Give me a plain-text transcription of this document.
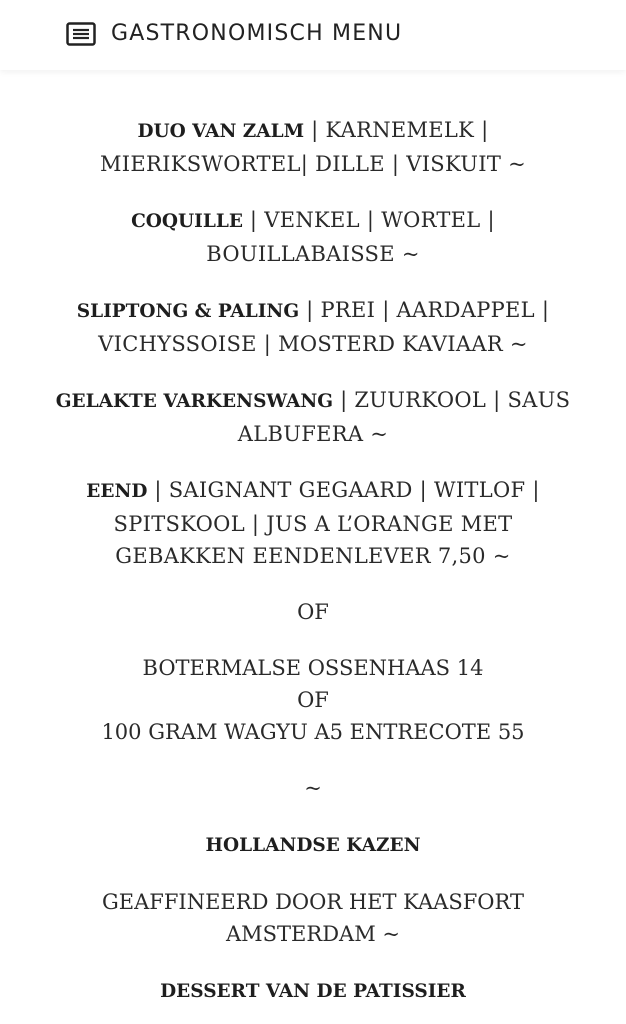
GASTRONOMISCH MENU
DUO VAN ZALM | KARNEMELK |
MIERIKSWORTEL| DILLE | VISKUIT ~
COQUILLE | VENKEL | WORTEL |
BOUILLABAISSE ~
SLIPTONG & PALING | PREI | AARDAPPEL |
VICHYSSOISE | MOSTERD KAVIAAR ~
GELAKTE VARKENSWANG | ZUURKOOL | SAUS
ALBUFERA ~
EEND | SAIGNANT GEGAARD | WITLOF |
SPITSKOOL | JUS A L’ORANGE MET
GEBAKKEN EENDENLEVER 7,50 ~
OF
BOTERMALSE OSSENHAAS 14
OF
100 GRAM WAGYU A5 ENTRECOTE 55
~
HOLLANDSE KAZEN
GEAFFINEERD DOOR HET KAASFORT
AMSTERDAM ~
DESSERT VAN DE PATISSIER
